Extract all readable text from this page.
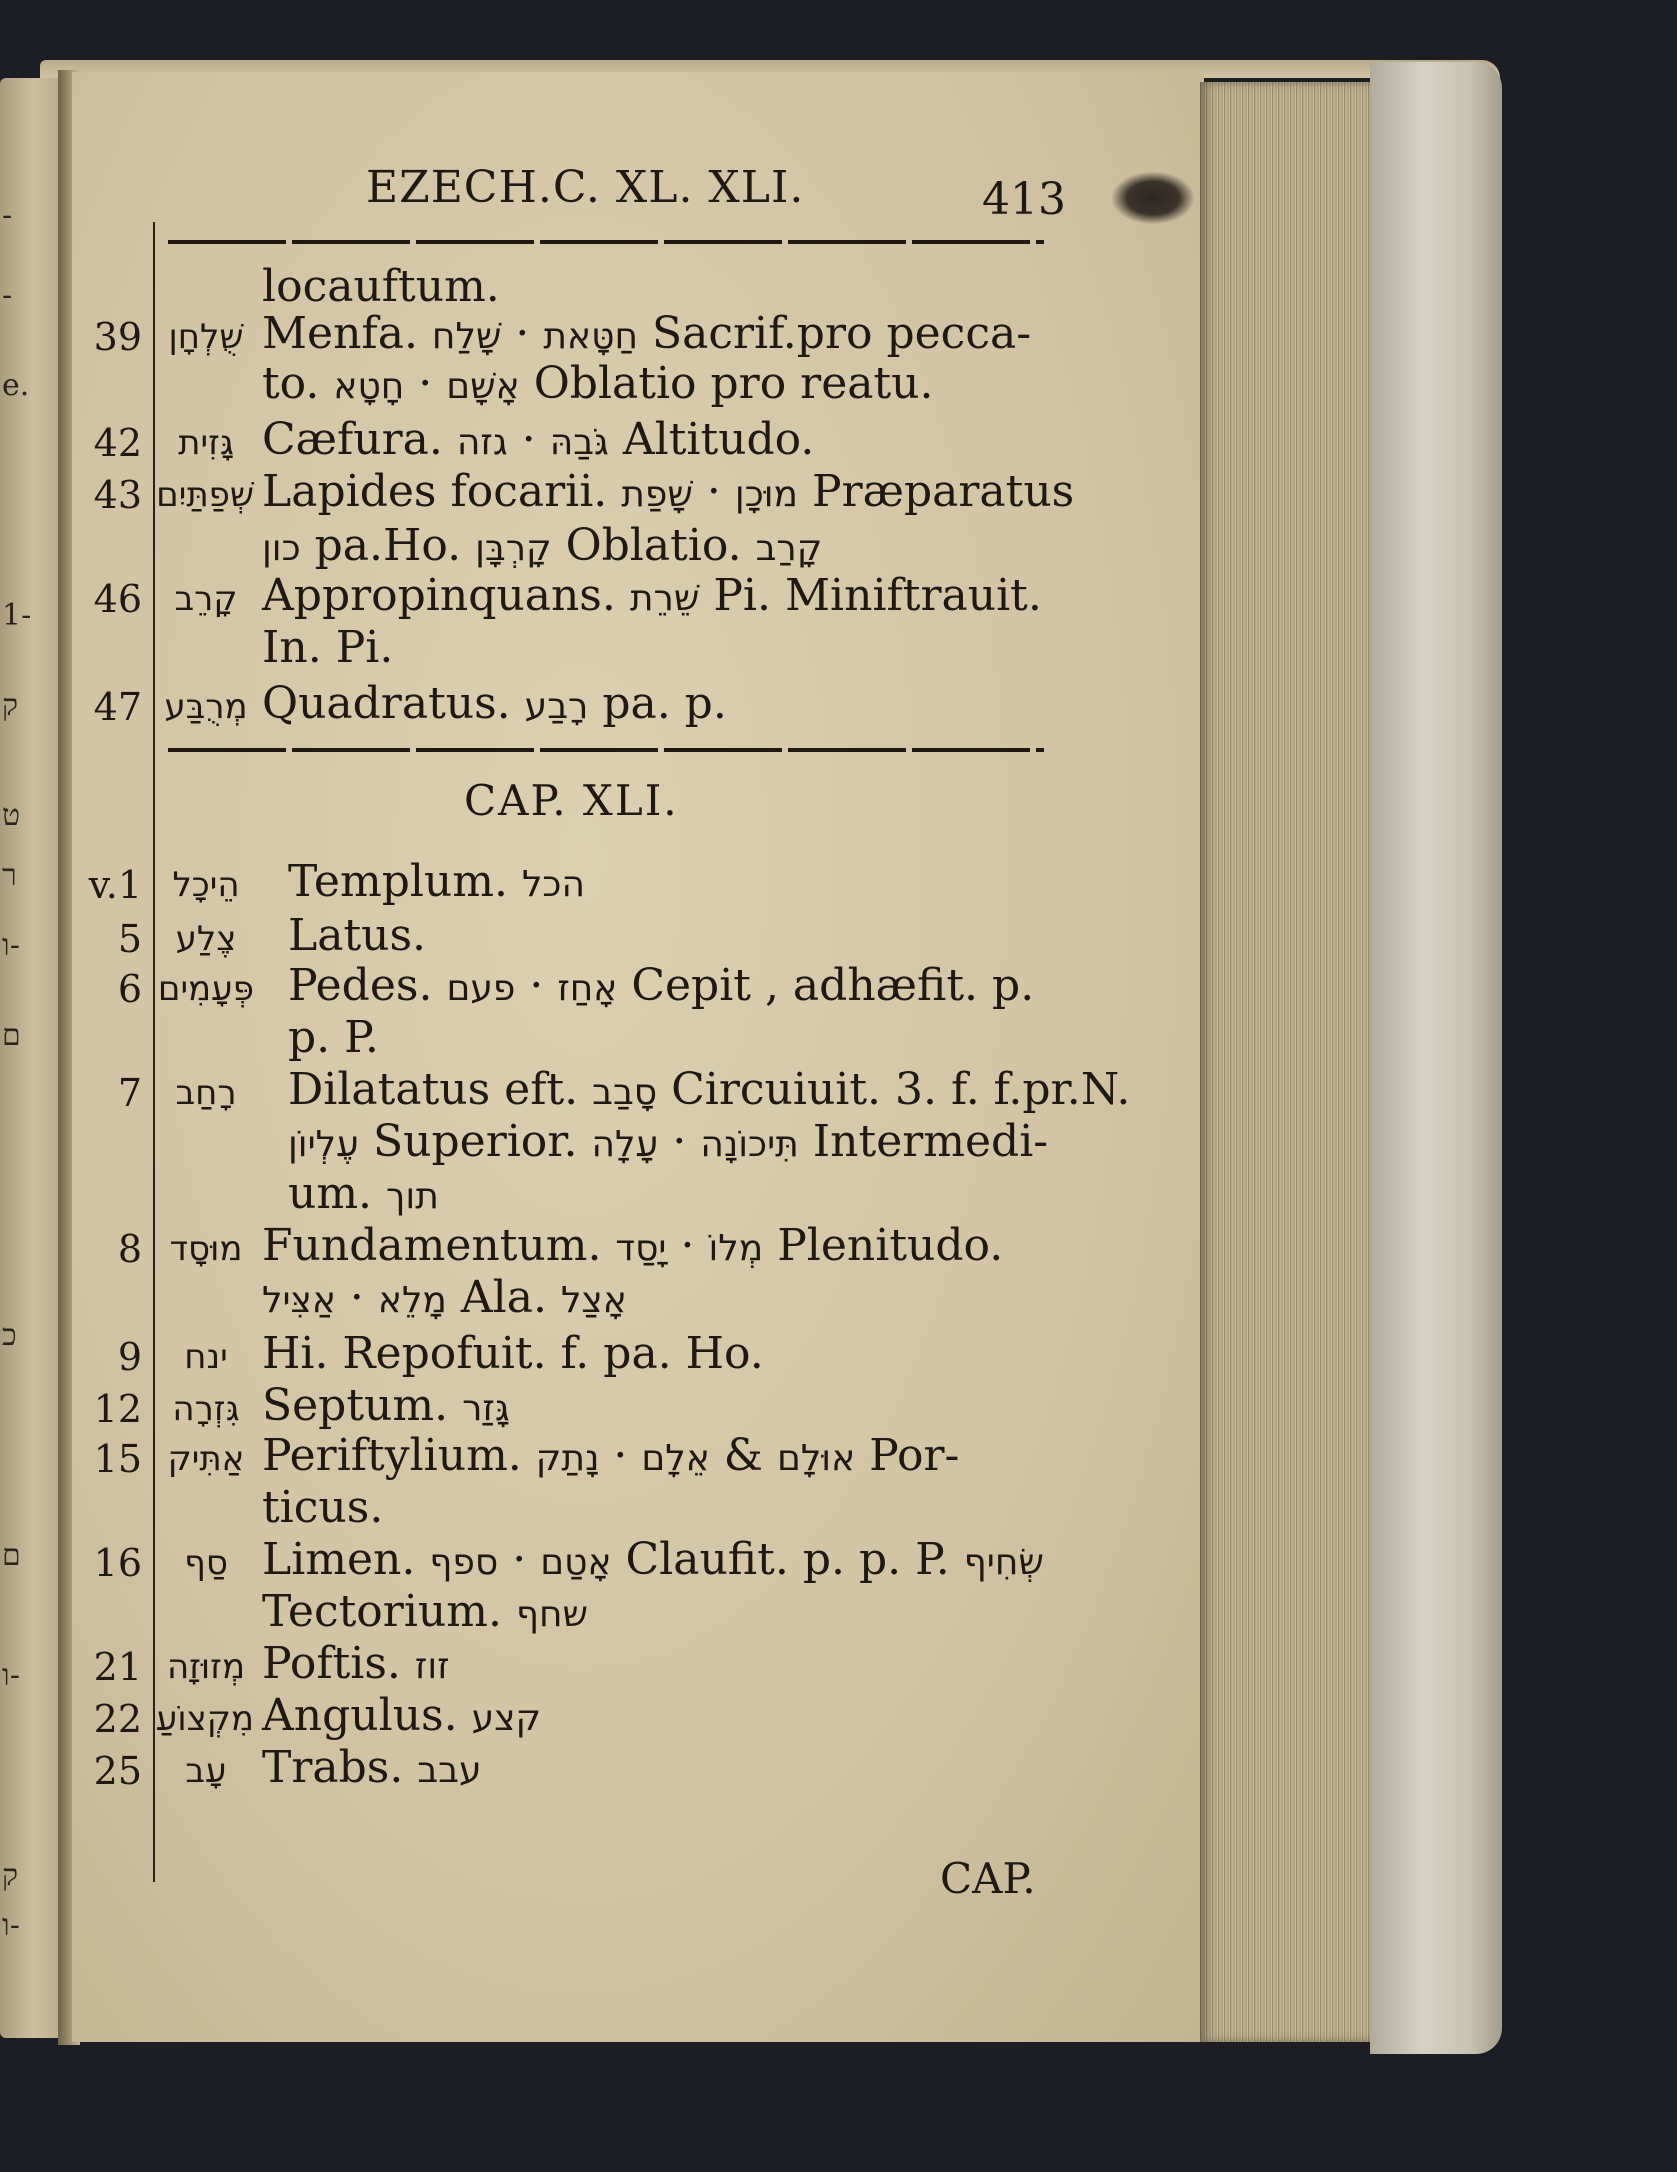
-
-
e.
1-
ק
ט
ר
ו-
ם
כ
ם
ו-
ק
ו-
EZECH.C. XL. XLI.	413
locauftum.
39 שֻׁלְחָן Menfa. שָׁלַח · חַטָּאת Sacrif.pro pecca-
to. חָטָא · אָשָׁם Oblatio pro reatu.
42	גָּזִית Cæfura. גזה · גֹּבַהּ Altitudo.
43 שְׁפַתַּיִם Lapides focarii. שָׁפַת · מוּכָן Præparatus
כון pa.Ho. קָרְבָּן Oblatio. קָרַב
46 קָרֵב Appropinquans. שֵׁרֵת Pi. Miniftrauit.
In. Pi.
47 מְרֻבַּע Quadratus. רָבַע pa. p.
CAP. XLI.
v.1 הֵיכָל	Templum. הכל
5 צֶלַע	Latus.
6 פְּעָמִים Pedes. פעם · אָחַז Cepit , adhæfit. p.
p. P.
7 רָחַב	Dilatatus eft. סָבַב Circuiuit. 3. f. f.pr.N.
עֶלְיוֹן Superior. עָלָה · תִּיכוֹנָה Intermedi-
um. תוך
8 מוּסָד Fundamentum. יָסַד · מְלוֹ Plenitudo.
אַצִּיל · מָלֵא Ala. אָצַל
9	ינח Hi. Repofuit. f. pa. Ho.
12 גִּזְרָה Septum. גָּזַר
15 אַתִּיק Periftylium. נָתַק · אֵלָם & אוּלָם Por-
ticus.
16	סַף Limen. ספף · אָטַם Claufit. p. p. P. שְׂחִיף
Tectorium. שחף
21 מְזוּזָה Poftis. זוז
22 מִקְצוֹעַ Angulus. קצע
25	עָב Trabs. עבב
CAP.
